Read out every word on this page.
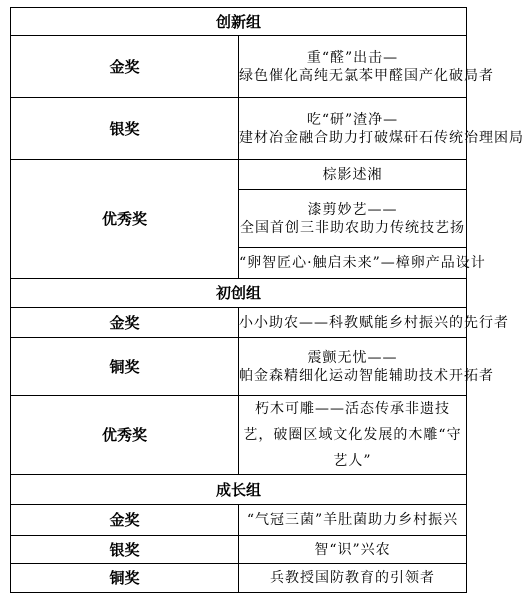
创新组	
金奖	重“醛”出击—
绿色催化高纯无氯苯甲醛国产化破局者

银奖	吃“研”渣净—
建材冶金融合助力打破煤矸石传统治理困局

优秀奖	棕影述湘

	漆剪妙艺——
全国首创三非助农助力传统技艺扬

	“卵智匠心·触启未来”—樟卵产品设计

初创组	
金奖	小小助农——科教赋能乡村振兴的先行者

铜奖	震颤无忧——
帕金森精细化运动智能辅助技术开拓者

优秀奖	朽木可雕——活态传承非遗技艺，破圈区域文化发展的木雕“守艺人”

成长组	
金奖	“气冠三菌”羊肚菌助力乡村振兴

银奖	智“识”兴农

铜奖	兵教授国防教育的引领者
